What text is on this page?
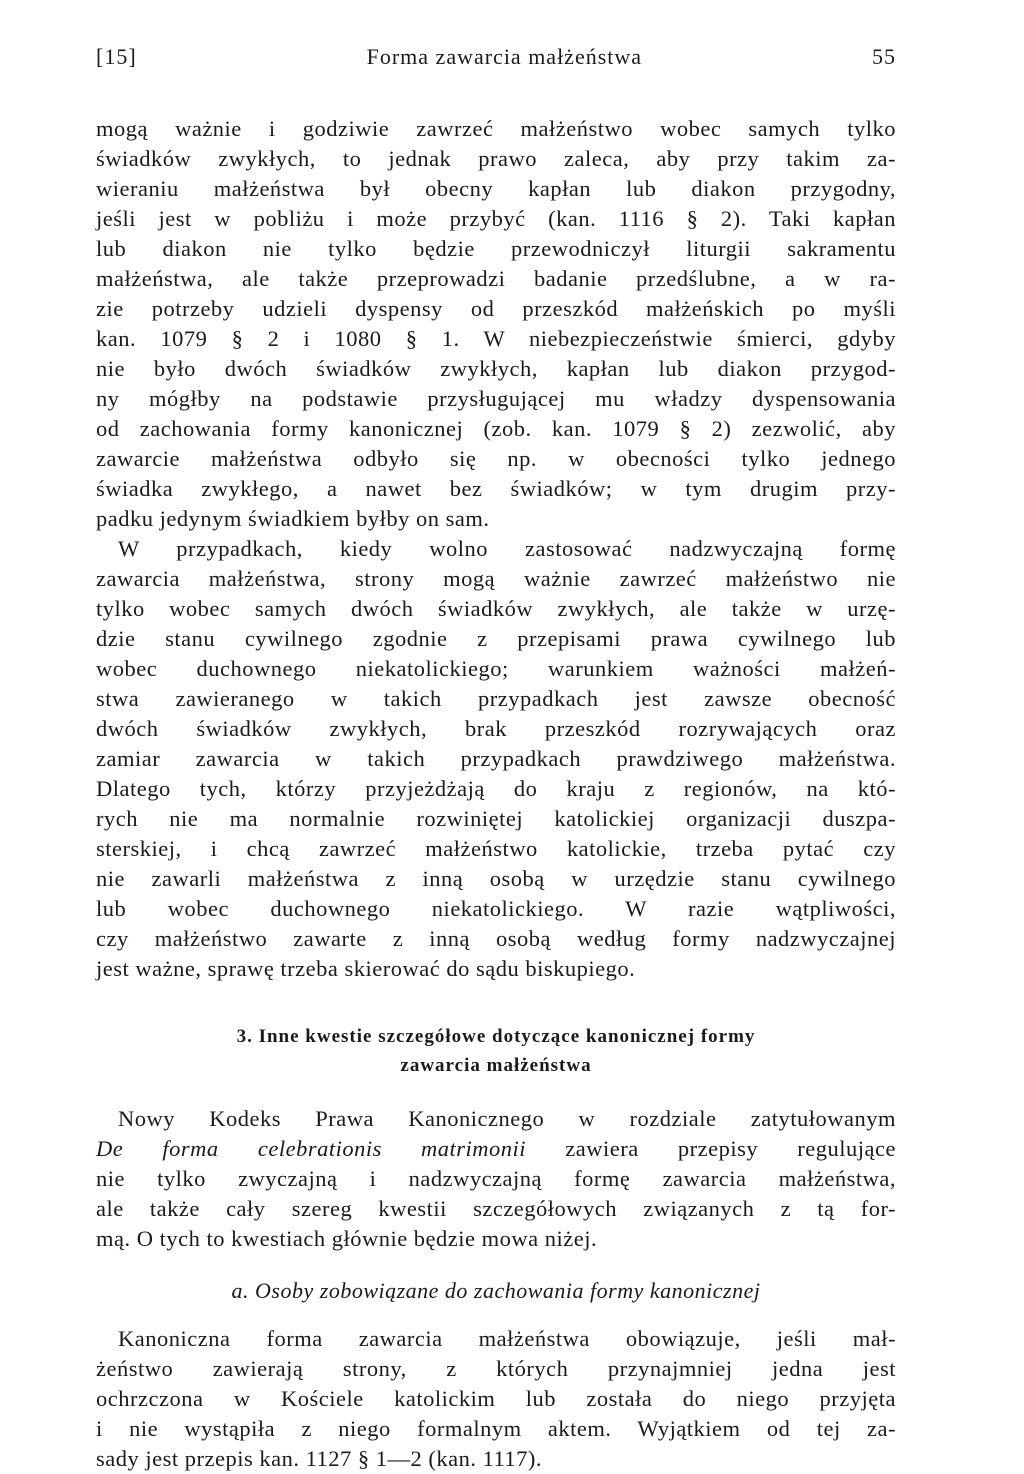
[15]	Forma zawarcia małżeństwa	55
mogą ważnie i godziwie zawrzeć małżeństwo wobec samych tylko
świadków zwykłych, to jednak prawo zaleca, aby przy takim za-
wieraniu małżeństwa był obecny kapłan lub diakon przygodny,
jeśli jest w pobliżu i może przybyć (kan. 1116 § 2). Taki kapłan
lub diakon nie tylko będzie przewodniczył liturgii sakramentu
małżeństwa, ale także przeprowadzi badanie przedślubne, a w ra-
zie potrzeby udzieli dyspensy od przeszkód małżeńskich po myśli
kan. 1079 § 2 i 1080 § 1. W niebezpieczeństwie śmierci, gdyby
nie było dwóch świadków zwykłych, kapłan lub diakon przygod-
ny mógłby na podstawie przysługującej mu władzy dyspensowania
od zachowania formy kanonicznej (zob. kan. 1079 § 2) zezwolić, aby
zawarcie małżeństwa odbyło się np. w obecności tylko jednego
świadka zwykłego, a nawet bez świadków; w tym drugim przy-
padku jedynym świadkiem byłby on sam.
W przypadkach, kiedy wolno zastosować nadzwyczajną formę
zawarcia małżeństwa, strony mogą ważnie zawrzeć małżeństwo nie
tylko wobec samych dwóch świadków zwykłych, ale także w urzę-
dzie stanu cywilnego zgodnie z przepisami prawa cywilnego lub
wobec duchownego niekatolickiego; warunkiem ważności małżeń-
stwa zawieranego w takich przypadkach jest zawsze obecność
dwóch świadków zwykłych, brak przeszkód rozrywających oraz
zamiar zawarcia w takich przypadkach prawdziwego małżeństwa.
Dlatego tych, którzy przyjeżdżają do kraju z regionów, na któ-
rych nie ma normalnie rozwiniętej katolickiej organizacji duszpa-
sterskiej, i chcą zawrzeć małżeństwo katolickie, trzeba pytać czy
nie zawarli małżeństwa z inną osobą w urzędzie stanu cywilnego
lub wobec duchownego niekatolickiego. W razie wątpliwości,
czy małżeństwo zawarte z inną osobą według formy nadzwyczajnej
jest ważne, sprawę trzeba skierować do sądu biskupiego.
3. Inne kwestie szczegółowe dotyczące kanonicznej formy
zawarcia małżeństwa
Nowy Kodeks Prawa Kanonicznego w rozdziale zatytułowanym
De forma celebrationis matrimonii zawiera przepisy regulujące
nie tylko zwyczajną i nadzwyczajną formę zawarcia małżeństwa,
ale także cały szereg kwestii szczegółowych związanych z tą for-
mą. O tych to kwestiach głównie będzie mowa niżej.
a. Osoby zobowiązane do zachowania formy kanonicznej
Kanoniczna forma zawarcia małżeństwa obowiązuje, jeśli mał-
żeństwo zawierają strony, z których przynajmniej jedna jest
ochrzczona w Kościele katolickim lub została do niego przyjęta
i nie wystąpiła z niego formalnym aktem. Wyjątkiem od tej za-
sady jest przepis kan. 1127 § 1—2 (kan. 1117).
